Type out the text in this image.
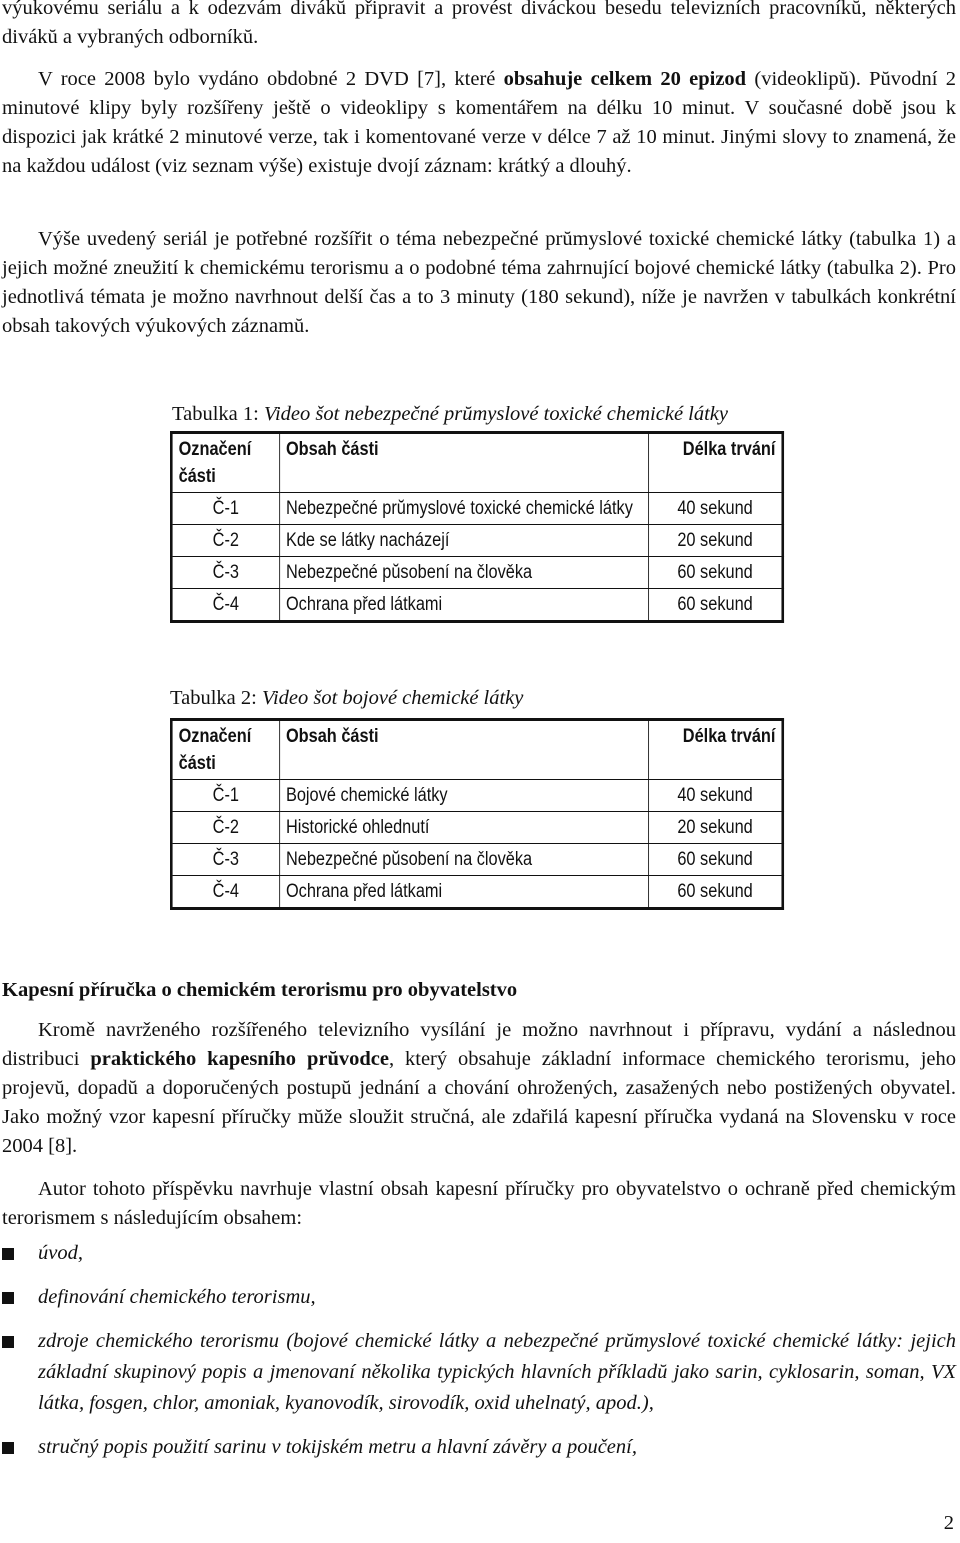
výukovému seriálu a k odezvám divákŭ připravit a provést diváckou besedu televizních pracovníkŭ, některých divákŭ a vybraných odborníkŭ.

V roce 2008 bylo vydáno obdobné 2 DVD [7], které obsahuje celkem 20 epizod (videoklipŭ). Pŭvodní 2 minutové klipy byly rozšířeny ještě o videoklipy s komentářem na délku 10 minut. V současné době jsou k dispozici jak krátké 2 minutové verze, tak i komentované verze v délce 7 až 10 minut. Jinými slovy to znamená, že na každou událost (viz seznam výše) existuje dvojí záznam: krátký a dlouhý.

Výše uvedený seriál je potřebné rozšířit o téma nebezpečné prŭmyslové toxické chemické látky (tabulka 1) a jejich možné zneužití k chemickému terorismu a o podobné téma zahrnující bojové chemické látky (tabulka 2). Pro jednotlivá témata je možno navrhnout delší čas a to 3 minuty (180 sekund), níže je navržen v tabulkách konkrétní obsah takových výukových záznamŭ.

Tabulka 1: Video šot nebezpečné prŭmyslové toxické chemické látky

Označení části	Obsah části	Délka trvání
Č-1	Nebezpečné prŭmyslové toxické chemické látky	40 sekund
Č-2	Kde se látky nacházejí	20 sekund
Č-3	Nebezpečné pŭsobení na člověka	60 sekund
Č-4	Ochrana před látkami	60 sekund

Tabulka 2: Video šot bojové chemické látky

Označení části	Obsah části	Délka trvání
Č-1	Bojové chemické látky	40 sekund
Č-2	Historické ohlednutí	20 sekund
Č-3	Nebezpečné pŭsobení na člověka	60 sekund
Č-4	Ochrana před látkami	60 sekund
Kapesní příručka o chemickém terorismu pro obyvatelstvo

Kromě navrženého rozšířeného televizního vysílání je možno navrhnout i přípravu, vydání a následnou distribuci praktického kapesního prŭvodce, který obsahuje základní informace chemického terorismu, jeho projevŭ, dopadŭ a doporučených postupŭ jednání a chování ohrožených, zasažených nebo postižených obyvatel. Jako možný vzor kapesní příručky mŭže sloužit stručná, ale zdařilá kapesní příručka vydaná na Slovensku v roce 2004 [8].

Autor tohoto příspěvku navrhuje vlastní obsah kapesní příručky pro obyvatelstvo o ochraně před chemickým terorismem s následujícím obsahem:

úvod,
definování chemického terorismu,
zdroje chemického terorismu (bojové chemické látky a nebezpečné prŭmyslové toxické chemické látky: jejich základní skupinový popis a jmenovaní několika typických hlavních příkladŭ jako sarin, cyklosarin, soman, VX látka, fosgen, chlor, amoniak, kyanovodík, sirovodík, oxid uhelnatý, apod.),
stručný popis použití sarinu v tokijském metru a hlavní závěry a poučení,

2
